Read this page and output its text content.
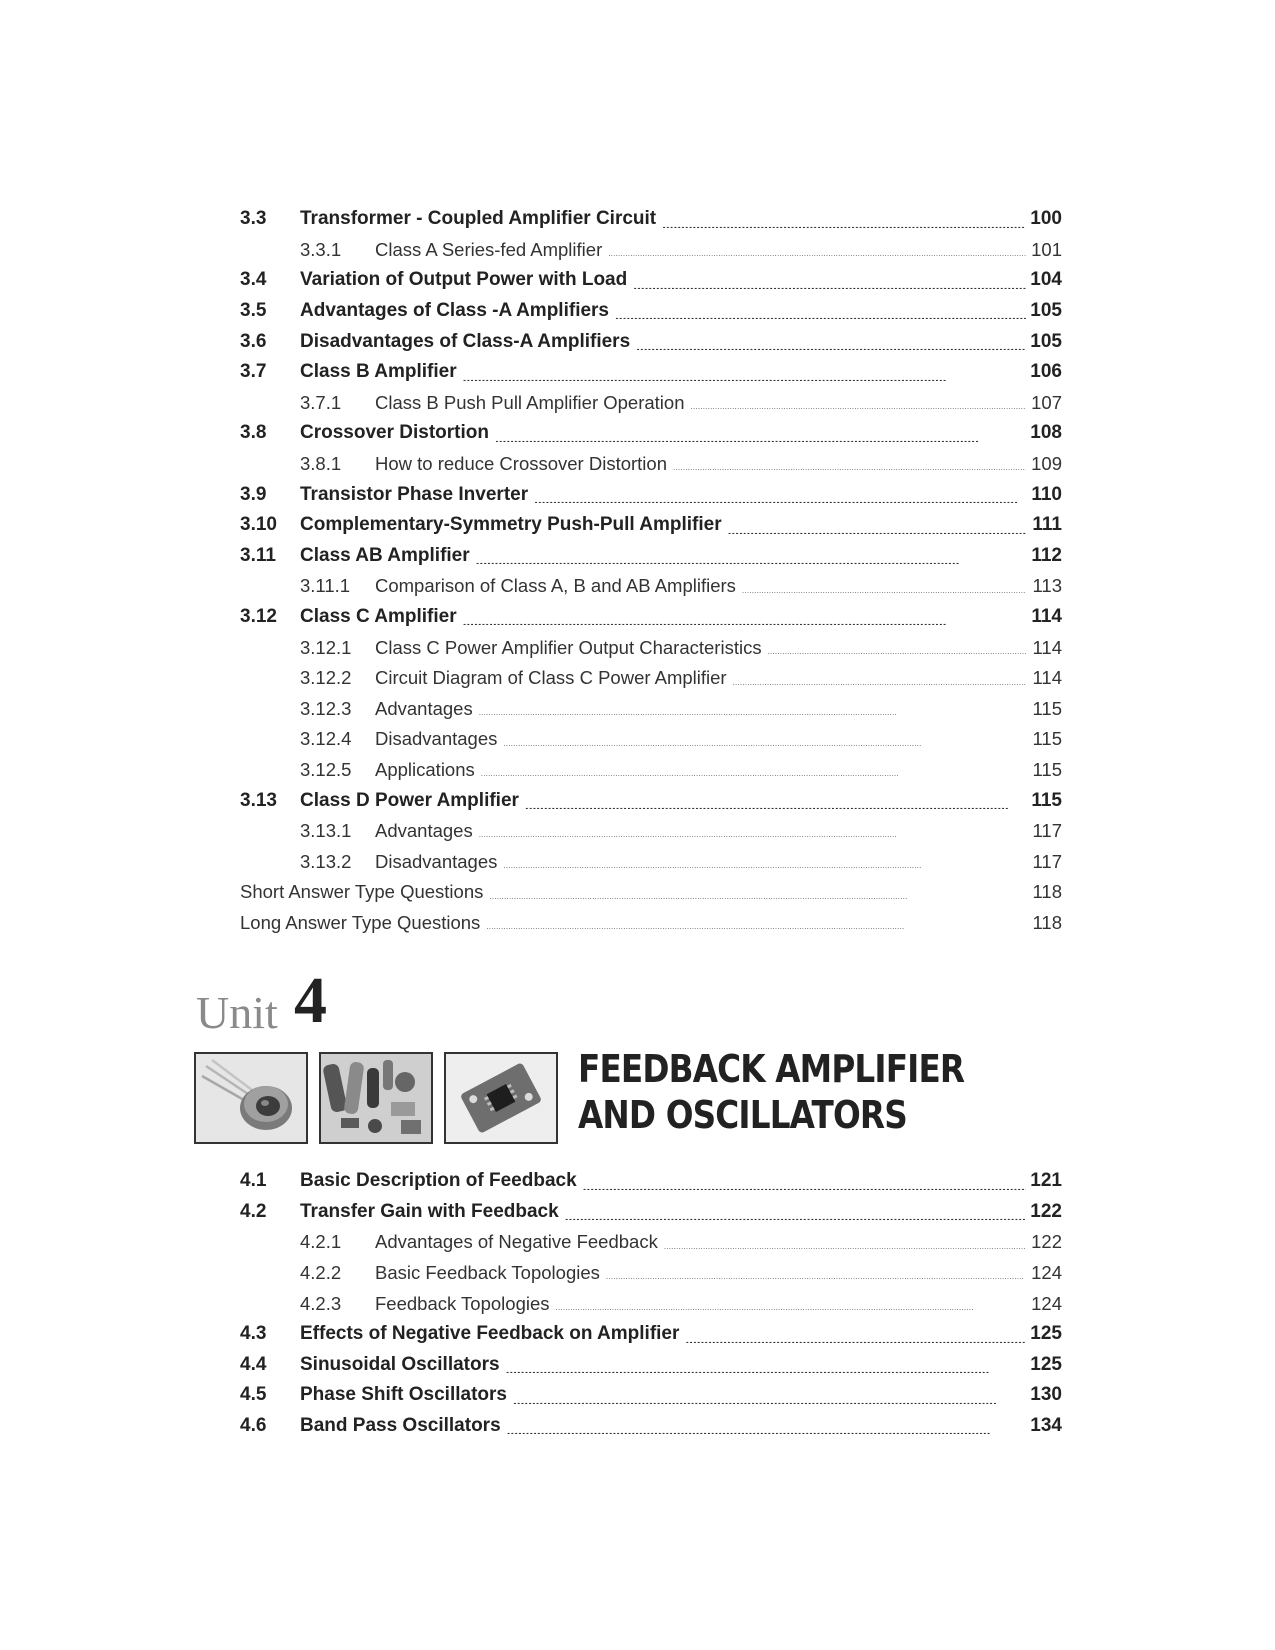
3.3	Transformer - Coupled Amplifier Circuit . . .	100
3.3.1	Class A Series-fed Amplifier . . .	101
3.4	Variation of Output Power with Load . . .	104
3.5	Advantages of Class -A Amplifiers . . .	105
3.6	Disadvantages of Class-A Amplifiers . . .	105
3.7	Class B Amplifier . . .	106
3.7.1	Class B Push Pull Amplifier Operation . . .	107
3.8	Crossover Distortion . . .	108
3.8.1	How to reduce Crossover Distortion . . .	109
3.9	Transistor Phase Inverter . . .	110
3.10	Complementary-Symmetry Push-Pull Amplifier . . .	111
3.11	Class AB Amplifier . . .	112
3.11.1	Comparison of Class A, B and AB Amplifiers . . .	113
3.12	Class C Amplifier . . .	114
3.12.1	Class C Power Amplifier Output Characteristics . . .	114
3.12.2	Circuit Diagram of Class C Power Amplifier . . .	114
3.12.3	Advantages . . .	115
3.12.4	Disadvantages . . .	115
3.12.5	Applications . . .	115
3.13	Class D Power Amplifier . . .	115
3.13.1	Advantages . . .	117
3.13.2	Disadvantages . . .	117
Short Answer Type Questions . . .	118
Long Answer Type Questions . . .	118
Unit 4
FEEDBACK AMPLIFIER
AND OSCILLATORS
4.1	Basic Description of Feedback . . .	121
4.2	Transfer Gain with Feedback . . .	122
4.2.1	Advantages of Negative Feedback . . .	122
4.2.2	Basic Feedback Topologies . . .	124
4.2.3	Feedback Topologies . . .	124
4.3	Effects of Negative Feedback on Amplifier . . .	125
4.4	Sinusoidal Oscillators . . .	125
4.5	Phase Shift Oscillators . . .	130
4.6	Band Pass Oscillators . . .	134
